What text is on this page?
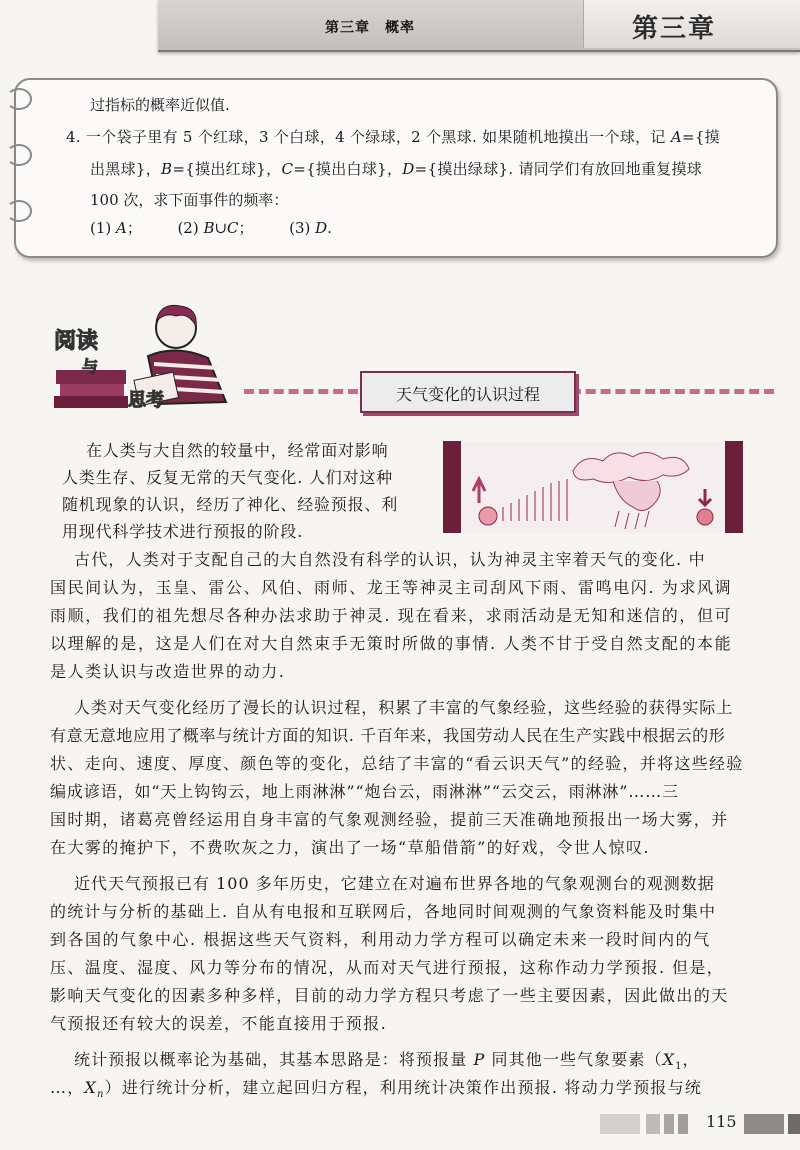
第三章　概率	第三章
过指标的概率近似值.
4. 一个袋子里有 5 个红球，3 个白球，4 个绿球，2 个黑球. 如果随机地摸出一个球，记 A={摸
出黑球}，B={摸出红球}，C={摸出白球}，D={摸出绿球}. 请同学们有放回地重复摸球
100 次，求下面事件的频率：
(1) A； (2) B∪C； (3) D.
阅读
与
思考	天气变化的认识过程
在人类与大自然的较量中，经常面对影响
人类生存、反复无常的天气变化. 人们对这种
随机现象的认识，经历了神化、经验预报、利
用现代科学技术进行预报的阶段.
古代，人类对于支配自己的大自然没有科学的认识，认为神灵主宰着天气的变化. 中
国民间认为，玉皇、雷公、风伯、雨师、龙王等神灵主司刮风下雨、雷鸣电闪. 为求风调
雨顺，我们的祖先想尽各种办法求助于神灵. 现在看来，求雨活动是无知和迷信的，但可
以理解的是，这是人们在对大自然束手无策时所做的事情. 人类不甘于受自然支配的本能
是人类认识与改造世界的动力.
人类对天气变化经历了漫长的认识过程，积累了丰富的气象经验，这些经验的获得实际上
有意无意地应用了概率与统计方面的知识. 千百年来，我国劳动人民在生产实践中根据云的形
状、走向、速度、厚度、颜色等的变化，总结了丰富的“看云识天气”的经验，并将这些经验
编成谚语，如“天上钩钩云，地上雨淋淋”“炮台云，雨淋淋”“云交云，雨淋淋”……三
国时期，诸葛亮曾经运用自身丰富的气象观测经验，提前三天准确地预报出一场大雾，并
在大雾的掩护下，不费吹灰之力，演出了一场“草船借箭”的好戏，令世人惊叹.
近代天气预报已有 100 多年历史，它建立在对遍布世界各地的气象观测台的观测数据
的统计与分析的基础上. 自从有电报和互联网后，各地同时间观测的气象资料能及时集中
到各国的气象中心. 根据这些天气资料，利用动力学方程可以确定未来一段时间内的气
压、温度、湿度、风力等分布的情况，从而对天气进行预报，这称作动力学预报. 但是，
影响天气变化的因素多种多样，目前的动力学方程只考虑了一些主要因素，因此做出的天
气预报还有较大的误差，不能直接用于预报.
统计预报以概率论为基础，其基本思路是：将预报量 P 同其他一些气象要素（$X_1$，
…，$X_n$）进行统计分析，建立起回归方程，利用统计决策作出预报. 将动力学预报与统
115
